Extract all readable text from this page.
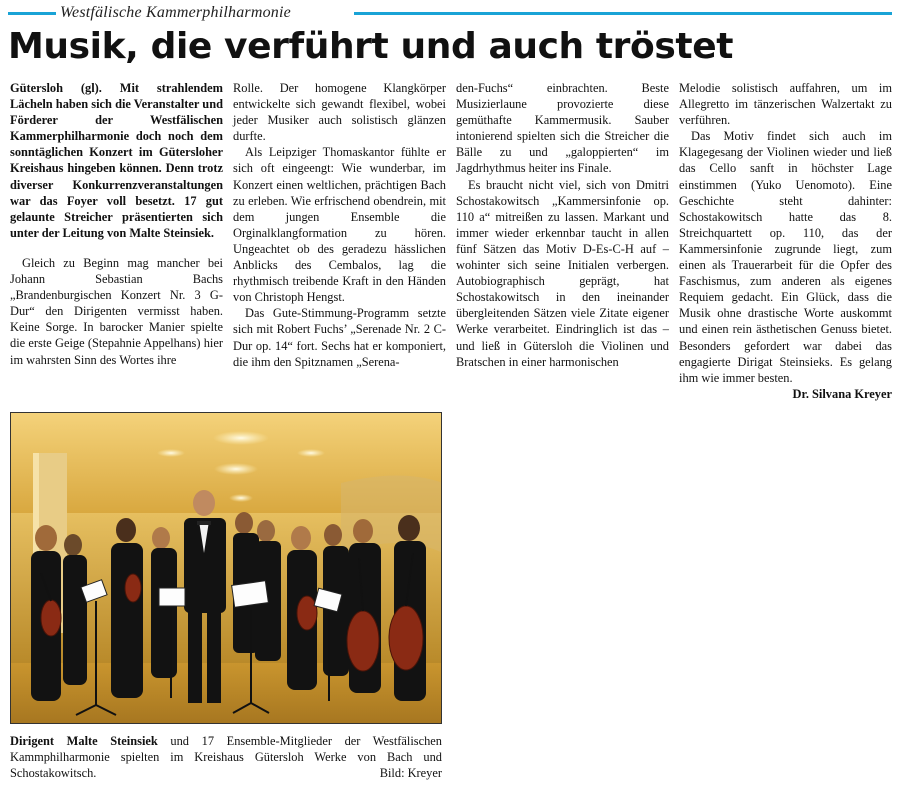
Westfälische Kammerphilharmonie
Musik, die verführt und auch tröstet

Gütersloh (gl). Mit strahlendem Lächeln haben sich die Veranstalter und Förderer der Westfälischen Kammerphilharmonie doch noch dem sonntäglichen Konzert im Gütersloher Kreishaus hingeben können. Denn trotz diverser Konkurrenzveranstaltungen war das Foyer voll besetzt. 17 gut gelaunte Streicher präsentierten sich unter der Leitung von Malte Steinsiek.

Gleich zu Beginn mag mancher bei Johann Sebastian Bachs „Brandenburgischen Konzert Nr. 3 G-Dur“ den Dirigenten vermisst haben. Keine Sorge. In barocker Manier spielte die erste Geige (Stepahnie Appelhans) hier im wahrsten Sinn des Wortes ihre

Rolle. Der homogene Klangkörper entwickelte sich gewandt flexibel, wobei jeder Musiker auch solistisch glänzen durfte.

Als Leipziger Thomaskantor fühlte er sich oft eingeengt: Wie wunderbar, im Konzert einen weltlichen, prächtigen Bach zu erleben. Wie erfrischend obendrein, mit dem jungen Ensemble die Orginalklangformation zu hören. Ungeachtet ob des geradezu hässlichen Anblicks des Cembalos, lag die rhythmisch treibende Kraft in den Händen von Christoph Hengst.

Das Gute-Stimmung-Programm setzte sich mit Robert Fuchs’ „Serenade Nr. 2 C-Dur op. 14“ fort. Sechs hat er komponiert, die ihm den Spitznamen „Serena-

den-Fuchs“ einbrachten. Beste Musizierlaune provozierte diese gemüthafte Kammermusik. Sauber intonierend spielten sich die Streicher die Bälle zu und „galoppierten“ im Jagdrhythmus heiter ins Finale.

Es braucht nicht viel, sich von Dmitri Schostakowitsch „Kammersinfonie op. 110 a“ mitreißen zu lassen. Markant und immer wieder erkennbar taucht in allen fünf Sätzen das Motiv D-Es-C-H auf – wohinter sich seine Initialen verbergen. Autobiographisch geprägt, hat Schostakowitsch in den ineinander übergleitenden Sätzen viele Zitate eigener Werke verarbeitet. Eindringlich ist das – und ließ in Gütersloh die Violinen und Bratschen in einer harmonischen

Melodie solistisch auffahren, um im Allegretto im tänzerischen Walzertakt zu verführen.

Das Motiv findet sich auch im Klagegesang der Violinen wieder und ließ das Cello sanft in höchster Lage einstimmen (Yuko Uenomoto). Eine Geschichte steht dahinter: Schostakowitsch hatte das 8. Streichquartett op. 110, das der Kammersinfonie zugrunde liegt, zum einen als Trauerarbeit für die Opfer des Faschismus, zum anderen als eigenes Requiem gedacht. Ein Glück, dass die Musik ohne drastische Worte auskommt und einen rein ästhetischen Genuss bietet. Besonders gefordert war dabei das engagierte Dirigat Steinsieks. Es gelang ihm wie immer besten.
Dr. Silvana Kreyer

Dirigent Malte Steinsiek und 17 Ensemble-Mitglieder der Westfälischen Kammphilharmonie spielten im Kreishaus Gütersloh Werke von Bach und Schostakowitsch.	Bild: Kreyer
